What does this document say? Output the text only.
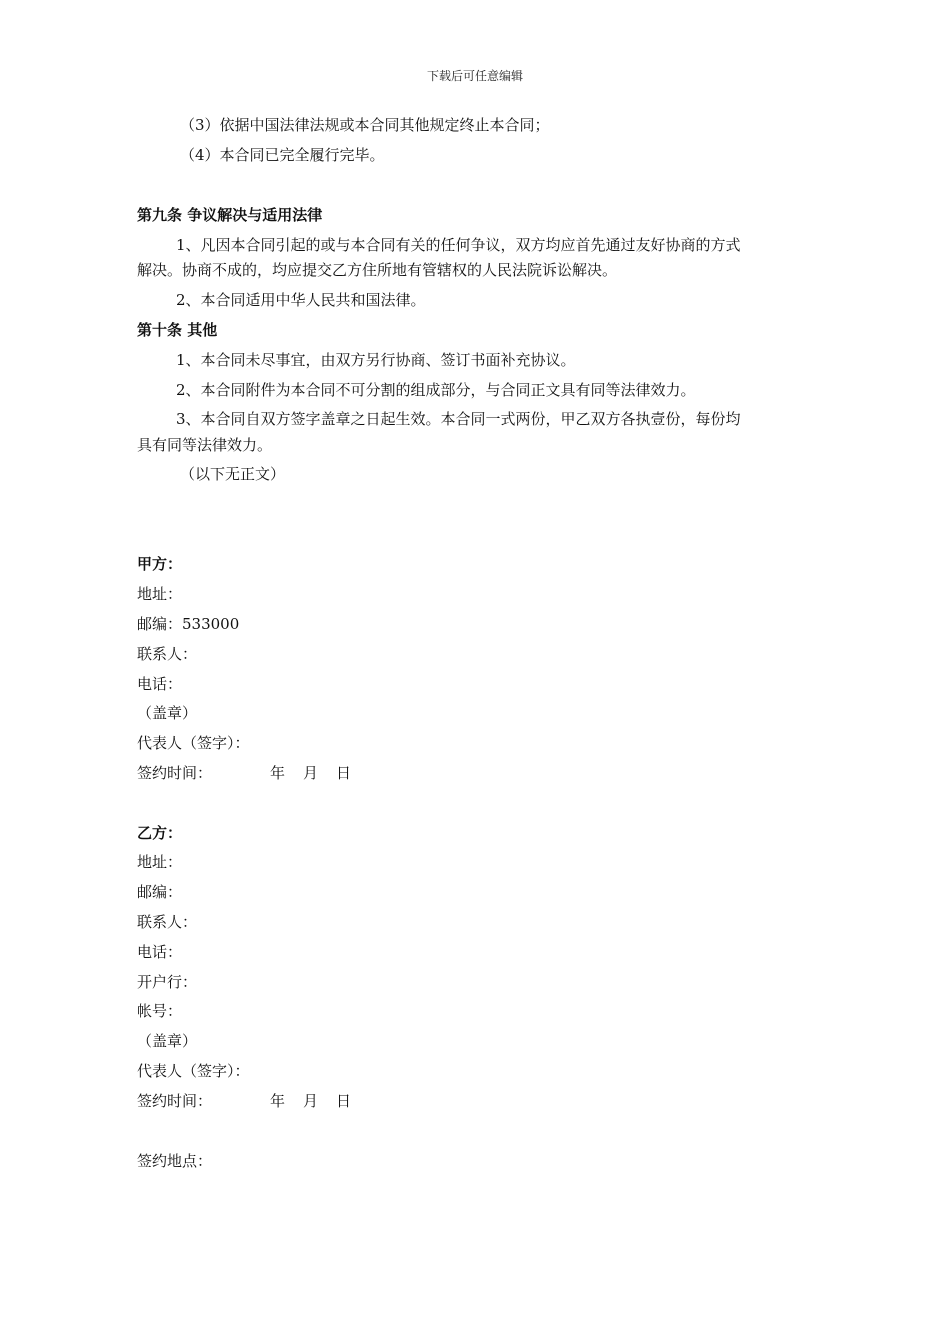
下载后可任意编辑
（3）依据中国法律法规或本合同其他规定终止本合同；
（4）本合同已完全履行完毕。
第九条 争议解决与适用法律
1、凡因本合同引起的或与本合同有关的任何争议，双方均应首先通过友好协商的方式
解决。协商不成的，均应提交乙方住所地有管辖权的人民法院诉讼解决。
2、本合同适用中华人民共和国法律。
第十条 其他
1、本合同未尽事宜，由双方另行协商、签订书面补充协议。
2、本合同附件为本合同不可分割的组成部分，与合同正文具有同等法律效力。
3、本合同自双方签字盖章之日起生效。本合同一式两份，甲乙双方各执壹份，每份均
具有同等法律效力。
（以下无正文）
甲方：
地址：
邮编：533000
联系人：
电话：
（盖章）
代表人（签字）：
签约时间：	年 月 日
乙方：
地址：
邮编：
联系人：
电话：
开户行：
帐号：
（盖章）
代表人（签字）：
签约时间：	年 月 日
签约地点：
